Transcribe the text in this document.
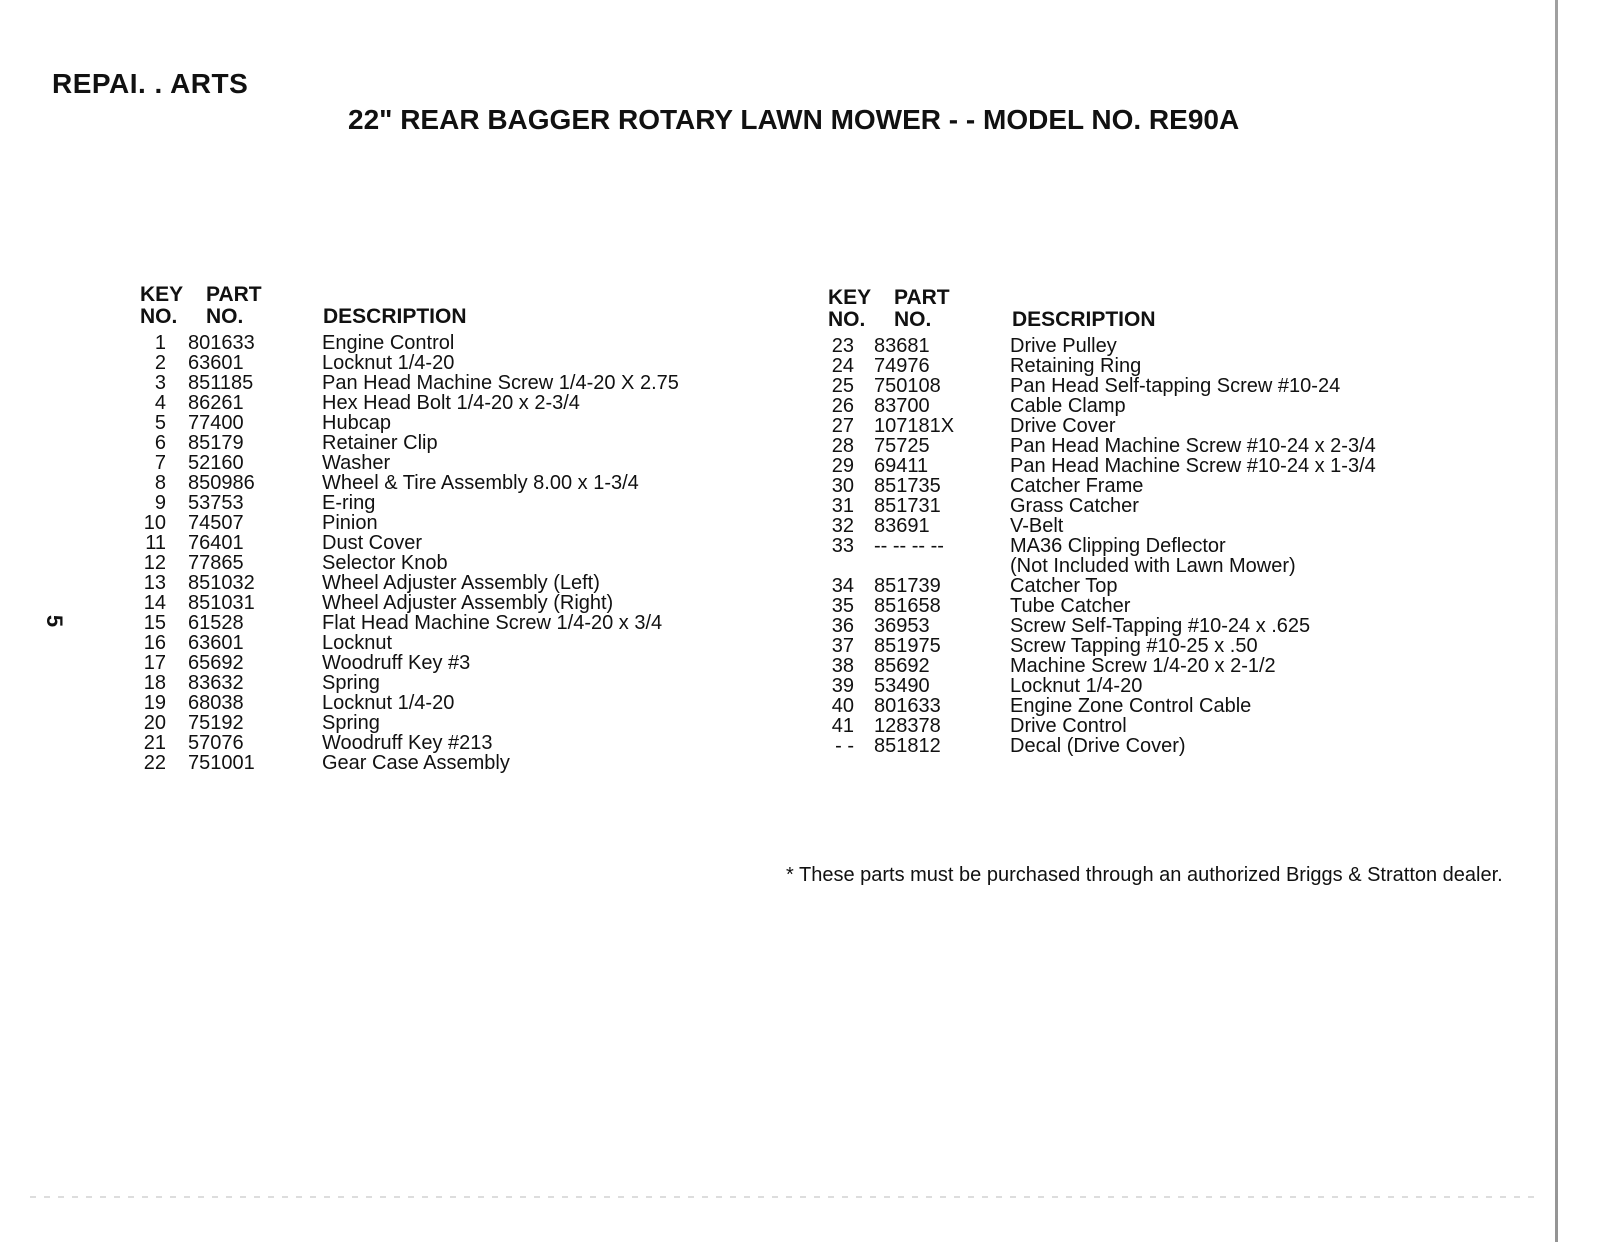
REPAI. . ARTS
22" REAR BAGGER ROTARY LAWN MOWER - - MODEL NO. RE90A
5
KEY
NO.
PART
NO.	DESCRIPTION
1 801633	Engine Control
2 63601	Locknut 1/4-20
3 851185	Pan Head Machine Screw 1/4-20 X 2.75
4 86261	Hex Head Bolt 1/4-20 x 2-3/4
5 77400	Hubcap
6 85179	Retainer Clip
7 52160	Washer
8 850986	Wheel & Tire Assembly 8.00 x 1-3/4
9 53753	E-ring
10 74507	Pinion
11 76401	Dust Cover
12 77865	Selector Knob
13 851032	Wheel Adjuster Assembly (Left)
14 851031	Wheel Adjuster Assembly (Right)
15 61528	Flat Head Machine Screw 1/4-20 x 3/4
16 63601	Locknut
17 65692	Woodruff Key #3
18 83632	Spring
19 68038	Locknut 1/4-20
20 75192	Spring
21 57076	Woodruff Key #213
22 751001	Gear Case Assembly
KEY
NO.
PART
NO.	DESCRIPTION
23 83681	Drive Pulley
24 74976	Retaining Ring
25 750108	Pan Head Self-tapping Screw #10-24
26 83700	Cable Clamp
27 107181X	Drive Cover
28 75725	Pan Head Machine Screw #10-24 x 2-3/4
29 69411	Pan Head Machine Screw #10-24 x 1-3/4
30 851735	Catcher Frame
31 851731	Grass Catcher
32 83691	V-Belt
33 -- -- -- --	MA36 Clipping Deflector
(Not Included with Lawn Mower)
34 851739	Catcher Top
35 851658	Tube Catcher
36 36953	Screw Self-Tapping #10-24 x .625
37 851975	Screw Tapping #10-25 x .50
38 85692	Machine Screw 1/4-20 x 2-1/2
39 53490	Locknut 1/4-20
40 801633	Engine Zone Control Cable
41 128378	Drive Control
- - 851812	Decal (Drive Cover)
* These parts must be purchased through an authorized Briggs & Stratton dealer.
